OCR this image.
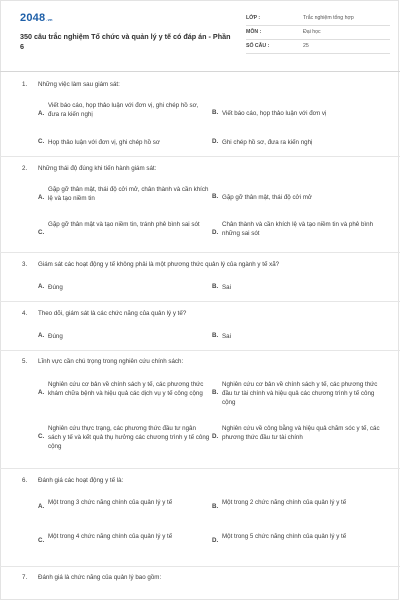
2048.vn
350 câu trắc nghiệm Tổ chức và quản lý y tế có đáp án - Phần 6
LỚP :	Trắc nghiệm tổng hợp
MÔN :	Đại học
SỐ CÂU :	25
1. Những việc làm sau giám sát:
A.
Viết báo cáo, họp thảo luận với đơn vị, ghi chép hồ sơ, đưa ra kiến nghị	B. Viết báo cáo, họp thảo luận với đơn vị
C. Họp thảo luận với đơn vị, ghi chép hồ sơ	D. Ghi chép hồ sơ, đưa ra kiến nghị
2. Những thái độ đúng khi tiến hành giám sát:
A.
Gặp gỡ thân mật, thái độ cởi mở, chân thành và cần khích lệ và tạo niềm tin	B. Gặp gỡ thân mật, thái độ cởi mở
C.
Gặp gỡ thân mật và tạo niềm tin, tránh phê bình sai sót
D.
Chân thành và cần khích lệ và tạo niềm tin và phê bình những sai sót
3. Giám sát các hoạt động y tế không phải là một phương thức quản lý của ngành y tế xã?
A. Đúng	B. Sai
4. Theo dõi, giám sát là các chức năng của quản lý y tế?
A. Đúng	B. Sai
5. Lĩnh vực cần chú trọng trong nghiên cứu chính sách:
A.
Nghiên cứu cơ bản về chính sách y tế, các phương thức khám chữa bệnh và hiệu quả các dịch vụ y tế công cộng	B.
Nghiên cứu cơ bản về chính sách y tế, các phương thức đầu tư tài chính và hiệu quả các chương trình y tế công cộng
C.
Nghiên cứu thực trạng, các phương thức đầu tư ngân sách y tế và kết quả thụ hưởng các chương trình y tế công cộng
D.
Nghiên cứu về công bằng và hiệu quả chăm sóc y tế, các phương thức đầu tư tài chính
6. Đánh giá các hoạt động y tế là:
A.
Một trong 3 chức năng chính của quản lý y tế
B.
Một trong 2 chức năng chính của quản lý y tế
C.
Một trong 4 chức năng chính của quản lý y tế
D.
Một trong 5 chức năng chính của quản lý y tế
7. Đánh giá là chức năng của quản lý bao gồm:
